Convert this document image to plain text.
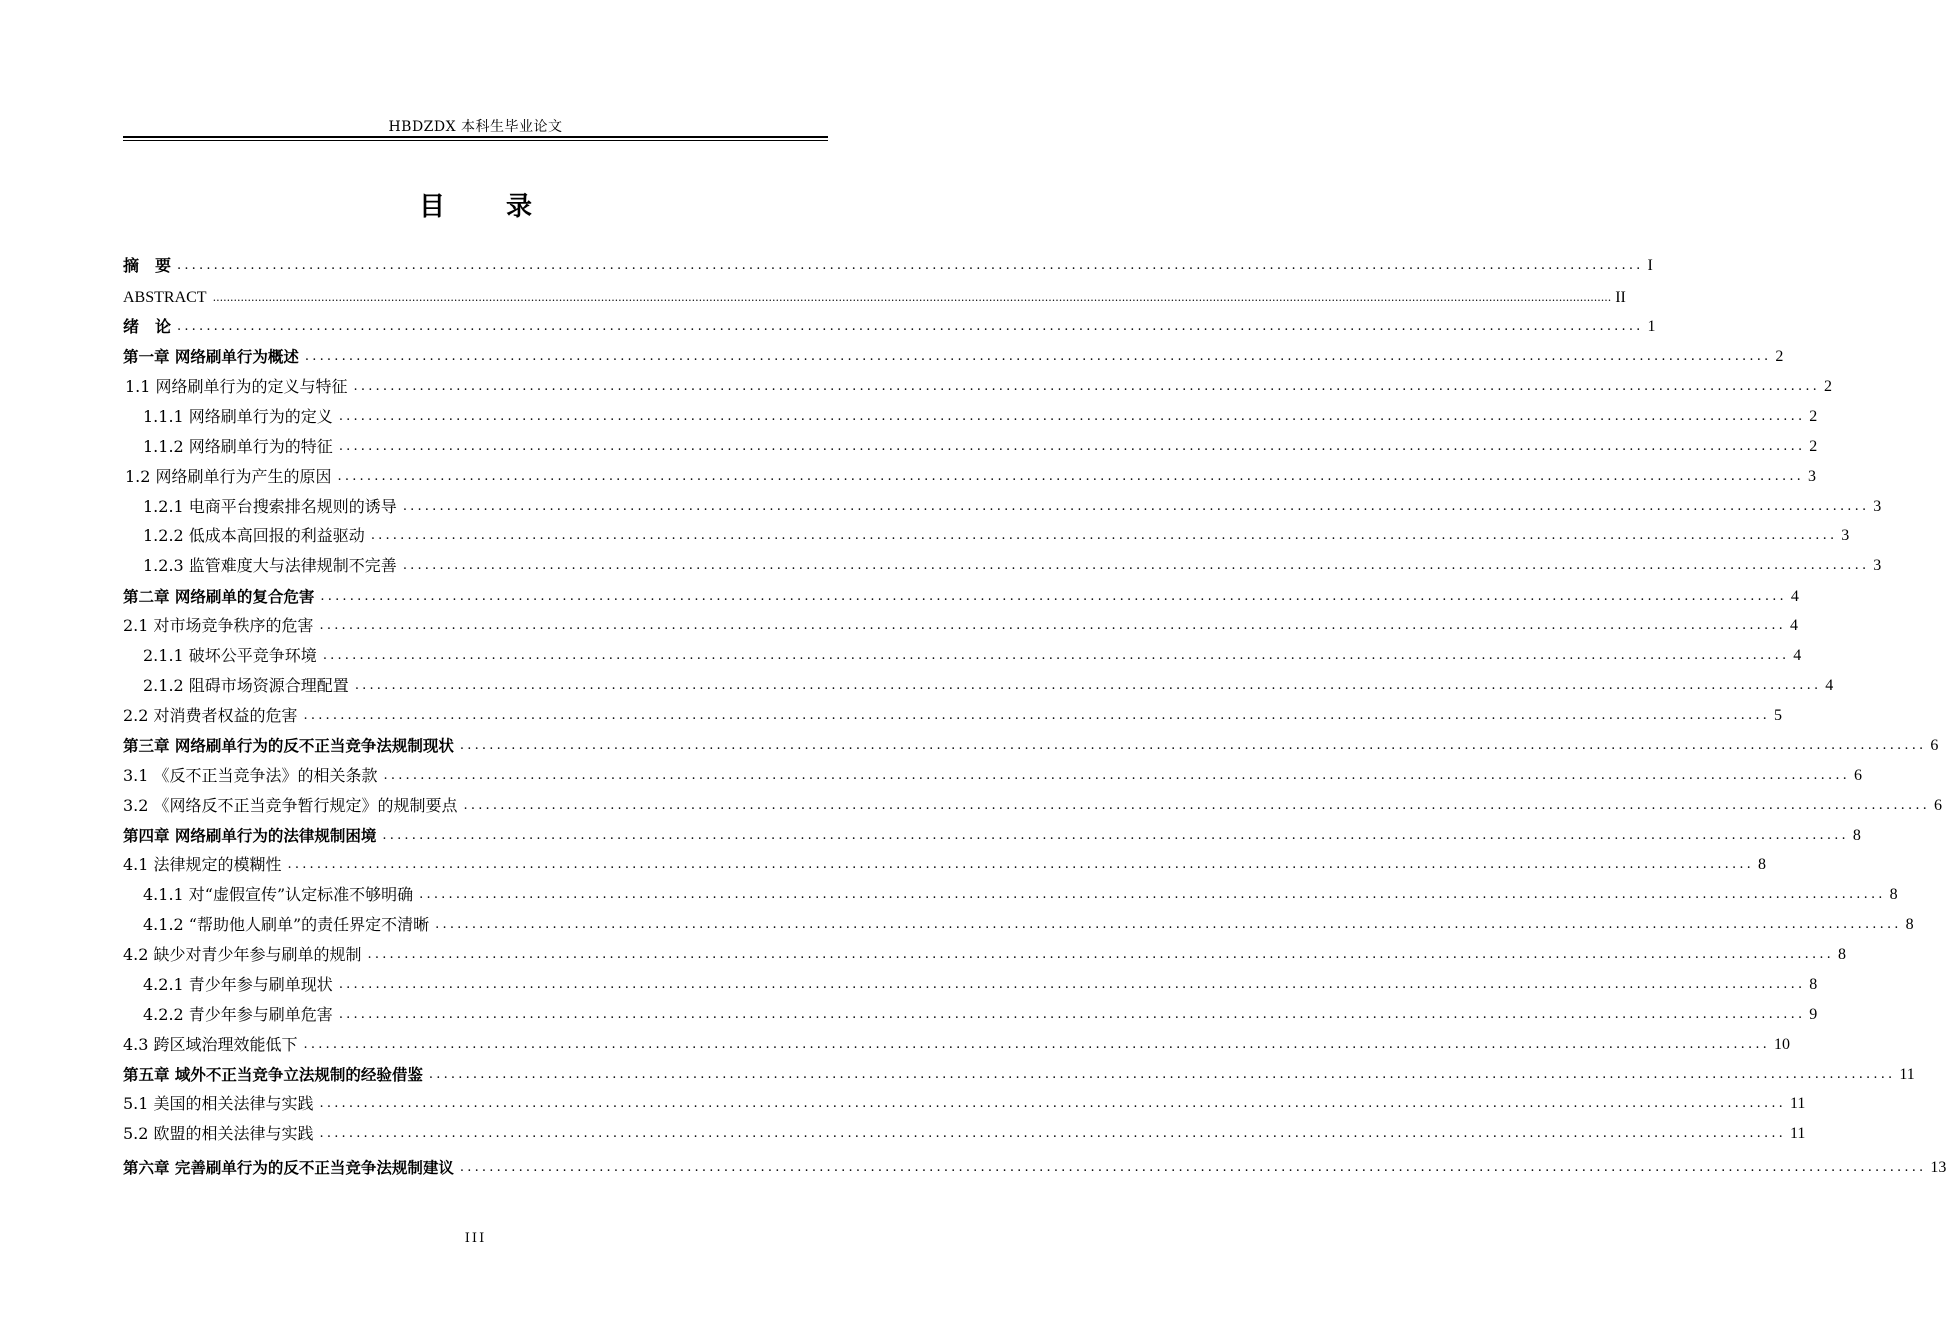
HBDZDX 本科生毕业论文
目 录
摘　要 ........................................................................................................................................................................................................ I
ABSTRACT ................................................................................................................................................................................................................................................................................................................................................................................................................ II
绪　论 ........................................................................................................................................................................................................ 1
第一章 网络刷单行为概述 ........................................................................................................................................................................................................ 2
1.1 网络刷单行为的定义与特征 ........................................................................................................................................................................................................ 2
1.1.1 网络刷单行为的定义 ........................................................................................................................................................................................................ 2
1.1.2 网络刷单行为的特征 ........................................................................................................................................................................................................ 2
1.2 网络刷单行为产生的原因 ........................................................................................................................................................................................................ 3
1.2.1 电商平台搜索排名规则的诱导 ........................................................................................................................................................................................................ 3
1.2.2 低成本高回报的利益驱动 ........................................................................................................................................................................................................ 3
1.2.3 监管难度大与法律规制不完善 ........................................................................................................................................................................................................ 3
第二章 网络刷单的复合危害 ........................................................................................................................................................................................................ 4
2.1 对市场竞争秩序的危害 ........................................................................................................................................................................................................ 4
2.1.1 破坏公平竞争环境 ........................................................................................................................................................................................................ 4
2.1.2 阻碍市场资源合理配置 ........................................................................................................................................................................................................ 4
2.2 对消费者权益的危害 ........................................................................................................................................................................................................ 5
第三章 网络刷单行为的反不正当竞争法规制现状 ........................................................................................................................................................................................................ 6
3.1 《反不正当竞争法》的相关条款 ........................................................................................................................................................................................................ 6
3.2 《网络反不正当竞争暂行规定》的规制要点 ........................................................................................................................................................................................................ 6
第四章 网络刷单行为的法律规制困境 ........................................................................................................................................................................................................ 8
4.1 法律规定的模糊性 ........................................................................................................................................................................................................ 8
4.1.1 对“虚假宣传”认定标准不够明确 ........................................................................................................................................................................................................ 8
4.1.2 “帮助他人刷单”的责任界定不清晰 ........................................................................................................................................................................................................ 8
4.2 缺少对青少年参与刷单的规制 ........................................................................................................................................................................................................ 8
4.2.1 青少年参与刷单现状 ........................................................................................................................................................................................................ 8
4.2.2 青少年参与刷单危害 ........................................................................................................................................................................................................ 9
4.3 跨区域治理效能低下 ........................................................................................................................................................................................................ 10
第五章 域外不正当竞争立法规制的经验借鉴 ........................................................................................................................................................................................................ 11
5.1 美国的相关法律与实践 ........................................................................................................................................................................................................ 11
5.2 欧盟的相关法律与实践 ........................................................................................................................................................................................................ 11
第六章 完善刷单行为的反不正当竞争法规制建议 ........................................................................................................................................................................................................ 13
III
